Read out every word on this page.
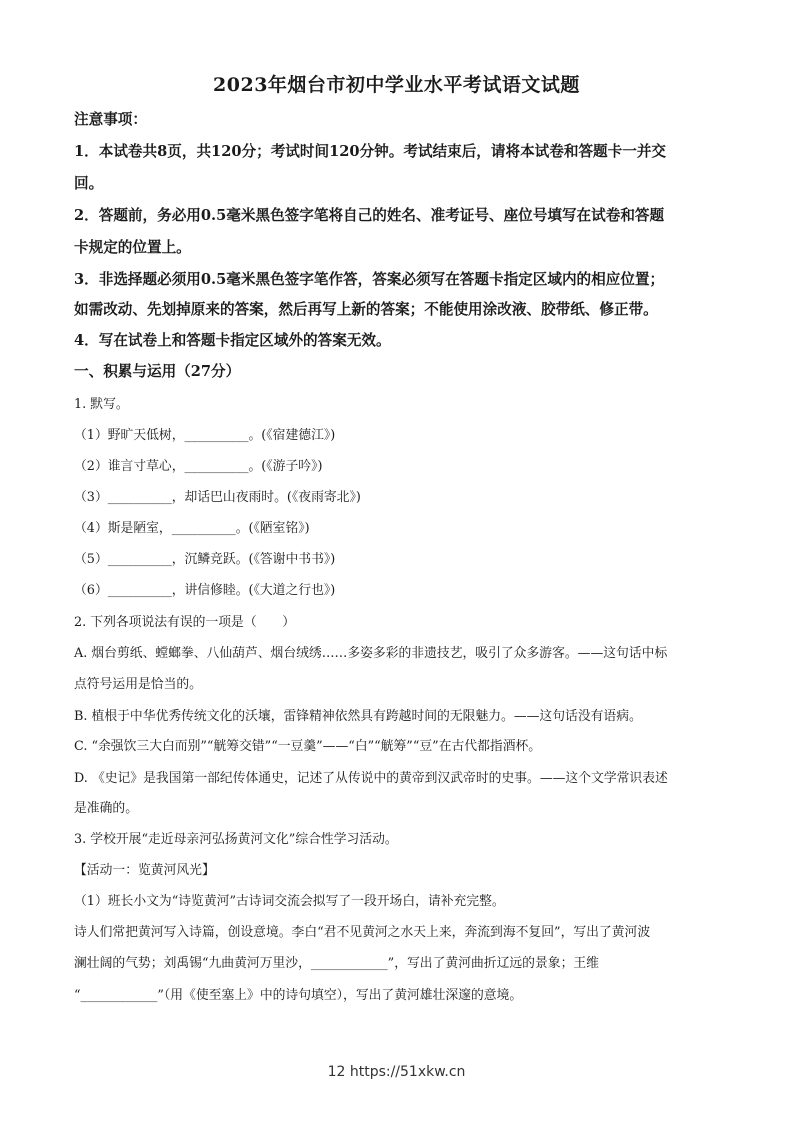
2023年烟台市初中学业水平考试语文试题
注意事项：
1．本试卷共8页，共120分；考试时间120分钟。考试结束后，请将本试卷和答题卡一并交
回。
2．答题前，务必用0.5毫米黑色签字笔将自己的姓名、准考证号、座位号填写在试卷和答题
卡规定的位置上。
3．非选择题必须用0.5毫米黑色签字笔作答，答案必须写在答题卡指定区域内的相应位置；
如需改动、先划掉原来的答案，然后再写上新的答案；不能使用涂改液、胶带纸、修正带。
4．写在试卷上和答题卡指定区域外的答案无效。
一、积累与运用（27分）
1. 默写。
（1）野旷天低树，__________。(《宿建德江》)
（2）谁言寸草心，__________。(《游子吟》)
（3）__________，却话巴山夜雨时。(《夜雨寄北》)
（4）斯是陋室，__________。(《陋室铭》)
（5）__________，沉鳞竞跃。(《答谢中书书》)
（6）__________，讲信修睦。(《大道之行也》)
2. 下列各项说法有误的一项是（　　）
A. 烟台剪纸、螳螂拳、八仙葫芦、烟台绒绣……多姿多彩的非遗技艺，吸引了众多游客。——这句话中标
点符号运用是恰当的。
B. 植根于中华优秀传统文化的沃壤，雷锋精神依然具有跨越时间的无限魅力。——这句话没有语病。
C. “余强饮三大白而别”“觥筹交错”“一豆羹”——“白”“觥筹”“豆”在古代都指酒杯。
D. 《史记》是我国第一部纪传体通史，记述了从传说中的黄帝到汉武帝时的史事。——这个文学常识表述
是准确的。
3. 学校开展“走近母亲河弘扬黄河文化”综合性学习活动。
【活动一：览黄河风光】
（1）班长小文为“诗览黄河”古诗词交流会拟写了一段开场白，请补充完整。
诗人们常把黄河写入诗篇，创设意境。李白“君不见黄河之水天上来，奔流到海不复回”，写出了黄河波
澜壮阔的气势；刘禹锡“九曲黄河万里沙，____________”，写出了黄河曲折辽远的景象；王维
“____________”（用《使至塞上》中的诗句填空），写出了黄河雄壮深邃的意境。
12 https://51xkw.cn
